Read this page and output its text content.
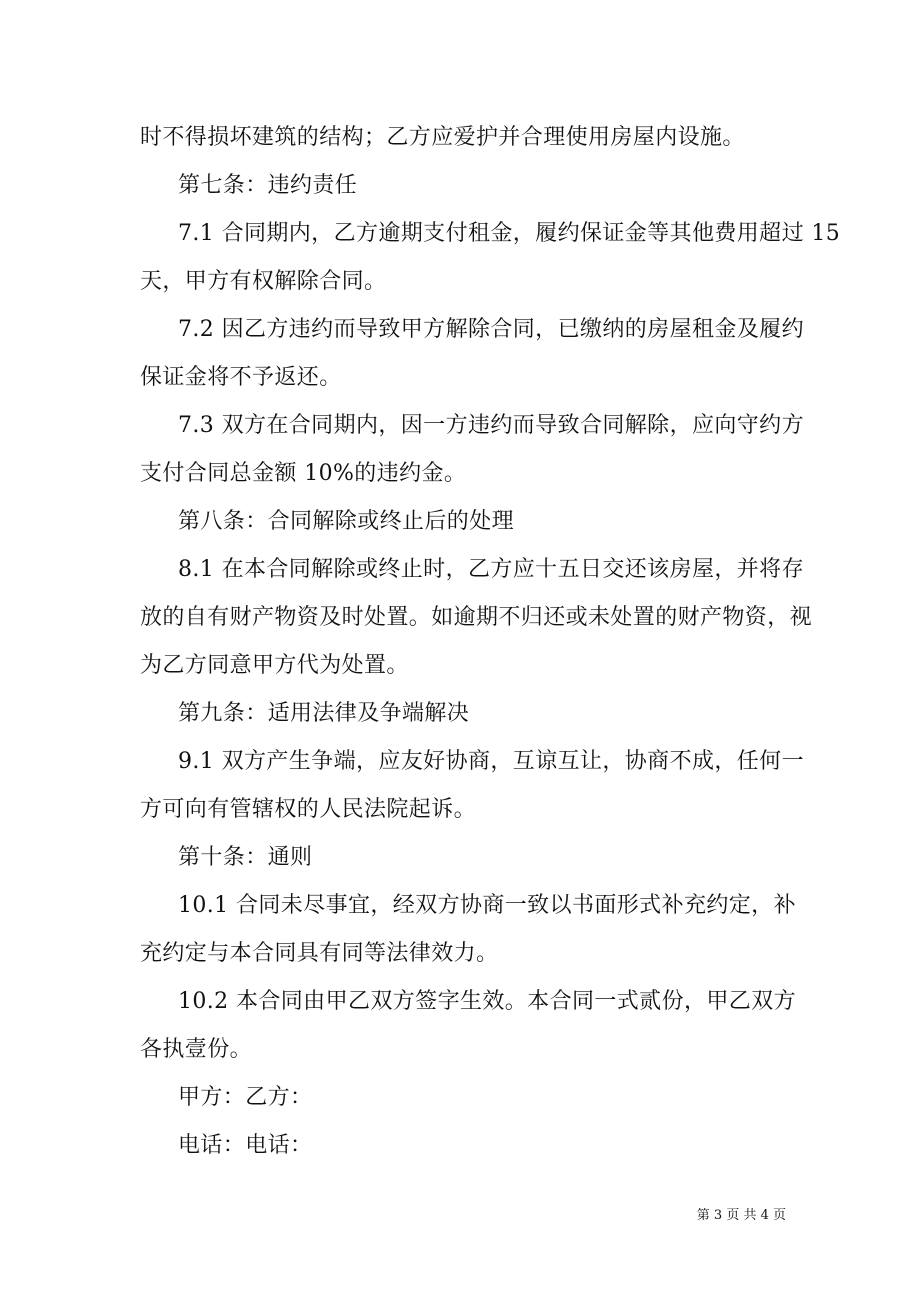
时不得损坏建筑的结构；乙方应爱护并合理使用房屋内设施。
第七条：违约责任
7.1 合同期内，乙方逾期支付租金，履约保证金等其他费用超过 15
天，甲方有权解除合同。
7.2 因乙方违约而导致甲方解除合同，已缴纳的房屋租金及履约
保证金将不予返还。
7.3 双方在合同期内，因一方违约而导致合同解除，应向守约方
支付合同总金额 10%的违约金。
第八条：合同解除或终止后的处理
8.1 在本合同解除或终止时，乙方应十五日交还该房屋，并将存
放的自有财产物资及时处置。如逾期不归还或未处置的财产物资，视
为乙方同意甲方代为处置。
第九条：适用法律及争端解决
9.1 双方产生争端，应友好协商，互谅互让，协商不成，任何一
方可向有管辖权的人民法院起诉。
第十条：通则
10.1 合同未尽事宜，经双方协商一致以书面形式补充约定，补
充约定与本合同具有同等法律效力。
10.2 本合同由甲乙双方签字生效。本合同一式贰份，甲乙双方
各执壹份。
甲方：乙方：
电话：电话：
第 3 页 共 4 页
